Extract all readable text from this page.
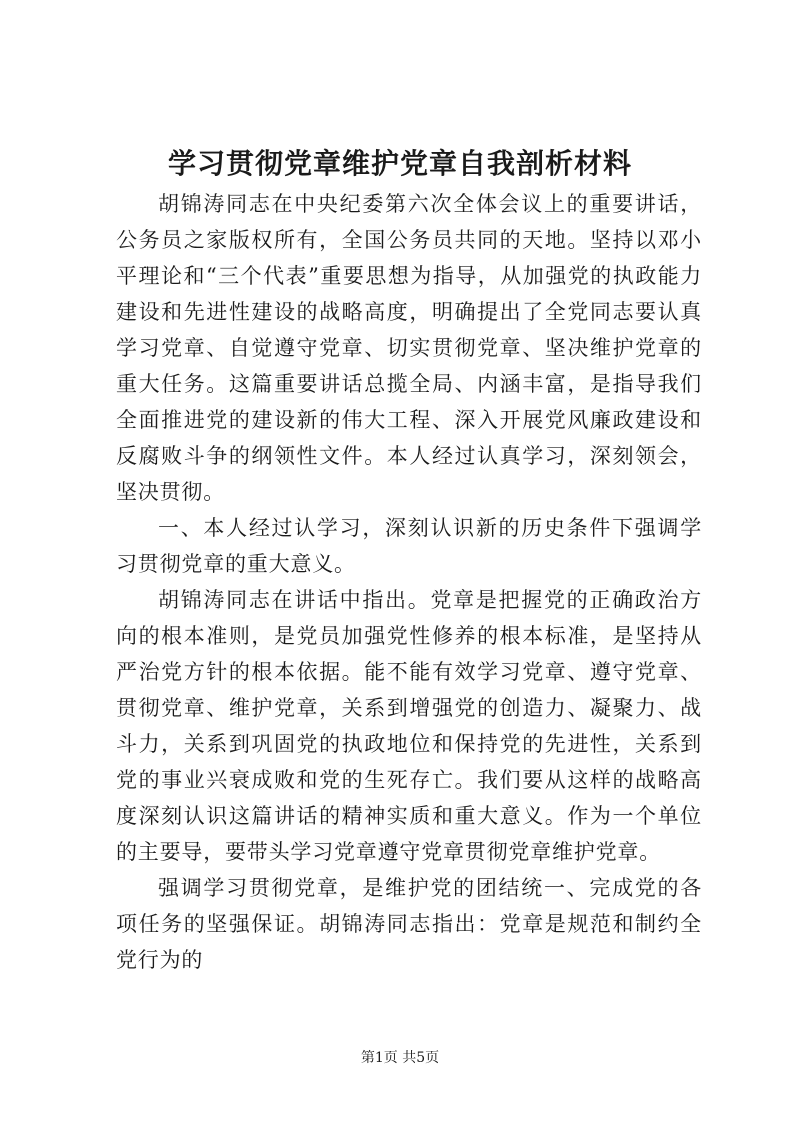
学习贯彻党章维护党章自我剖析材料

胡锦涛同志在中央纪委第六次全体会议上的重要讲话，公务员之家版权所有，全国公务员共同的天地。坚持以邓小平理论和“三个代表”重要思想为指导，从加强党的执政能力建设和先进性建设的战略高度，明确提出了全党同志要认真学习党章、自觉遵守党章、切实贯彻党章、坚决维护党章的重大任务。这篇重要讲话总揽全局、内涵丰富，是指导我们全面推进党的建设新的伟大工程、深入开展党风廉政建设和反腐败斗争的纲领性文件。本人经过认真学习，深刻领会，坚决贯彻。

一、本人经过认学习，深刻认识新的历史条件下强调学习贯彻党章的重大意义。

胡锦涛同志在讲话中指出。党章是把握党的正确政治方向的根本准则，是党员加强党性修养的根本标准，是坚持从严治党方针的根本依据。能不能有效学习党章、遵守党章、贯彻党章、维护党章，关系到增强党的创造力、凝聚力、战斗力，关系到巩固党的执政地位和保持党的先进性，关系到党的事业兴衰成败和党的生死存亡。我们要从这样的战略高度深刻认识这篇讲话的精神实质和重大意义。作为一个单位的主要导，要带头学习党章遵守党章贯彻党章维护党章。

强调学习贯彻党章，是维护党的团结统一、完成党的各项任务的坚强保证。胡锦涛同志指出：党章是规范和制约全党行为的

第1页 共5页
